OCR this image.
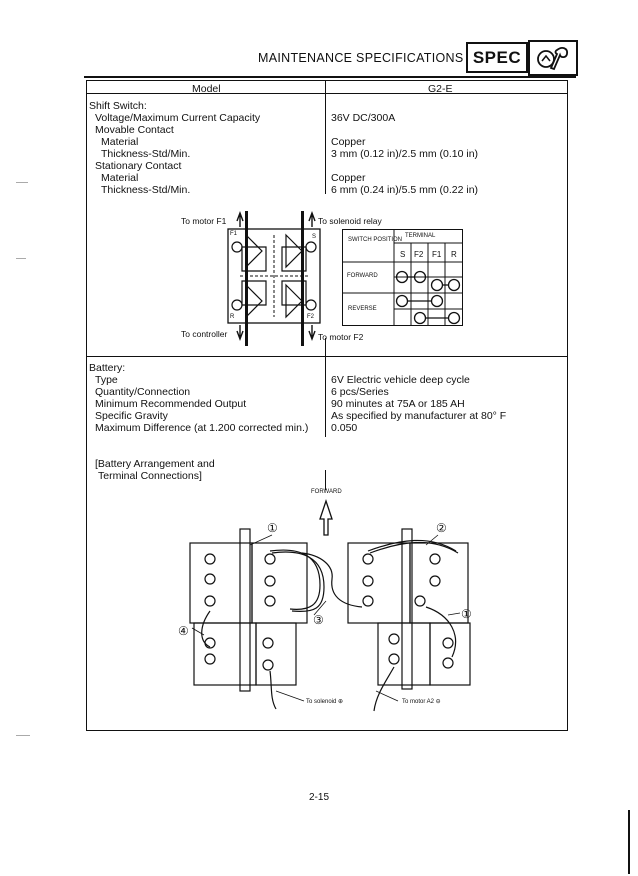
MAINTENANCE SPECIFICATIONS SPEC
Model	G2-E
Shift Switch:
Voltage/Maximum Current Capacity	36V DC/300A
Movable Contact
Material	Copper
Thickness-Std/Min.	3 mm (0.12 in)/2.5 mm (0.10 in)
Stationary Contact
Material	Copper
Thickness-Std/Min.	6 mm (0.24 in)/5.5 mm (0.22 in)
To motor F1	To solenoid relay
To controller	To motor F2
F1	S
R	F2
SWITCH POSITION
TERMINAL
S F2 F1 R
FORWARD
REVERSE
Battery:
Type	6V Electric vehicle deep cycle
Quantity/Connection	6 pcs/Series
Minimum Recommended Output	90 minutes at 75A or 185 AH
Specific Gravity	As specified by manufacturer at 80° F
Maximum Difference (at 1.200 corrected min.) 0.050
[Battery Arrangement and
Terminal Connections]
FORWARD
①	②
③
④
①
To solenoid ⊕	To motor A2 ⊖
2-15
